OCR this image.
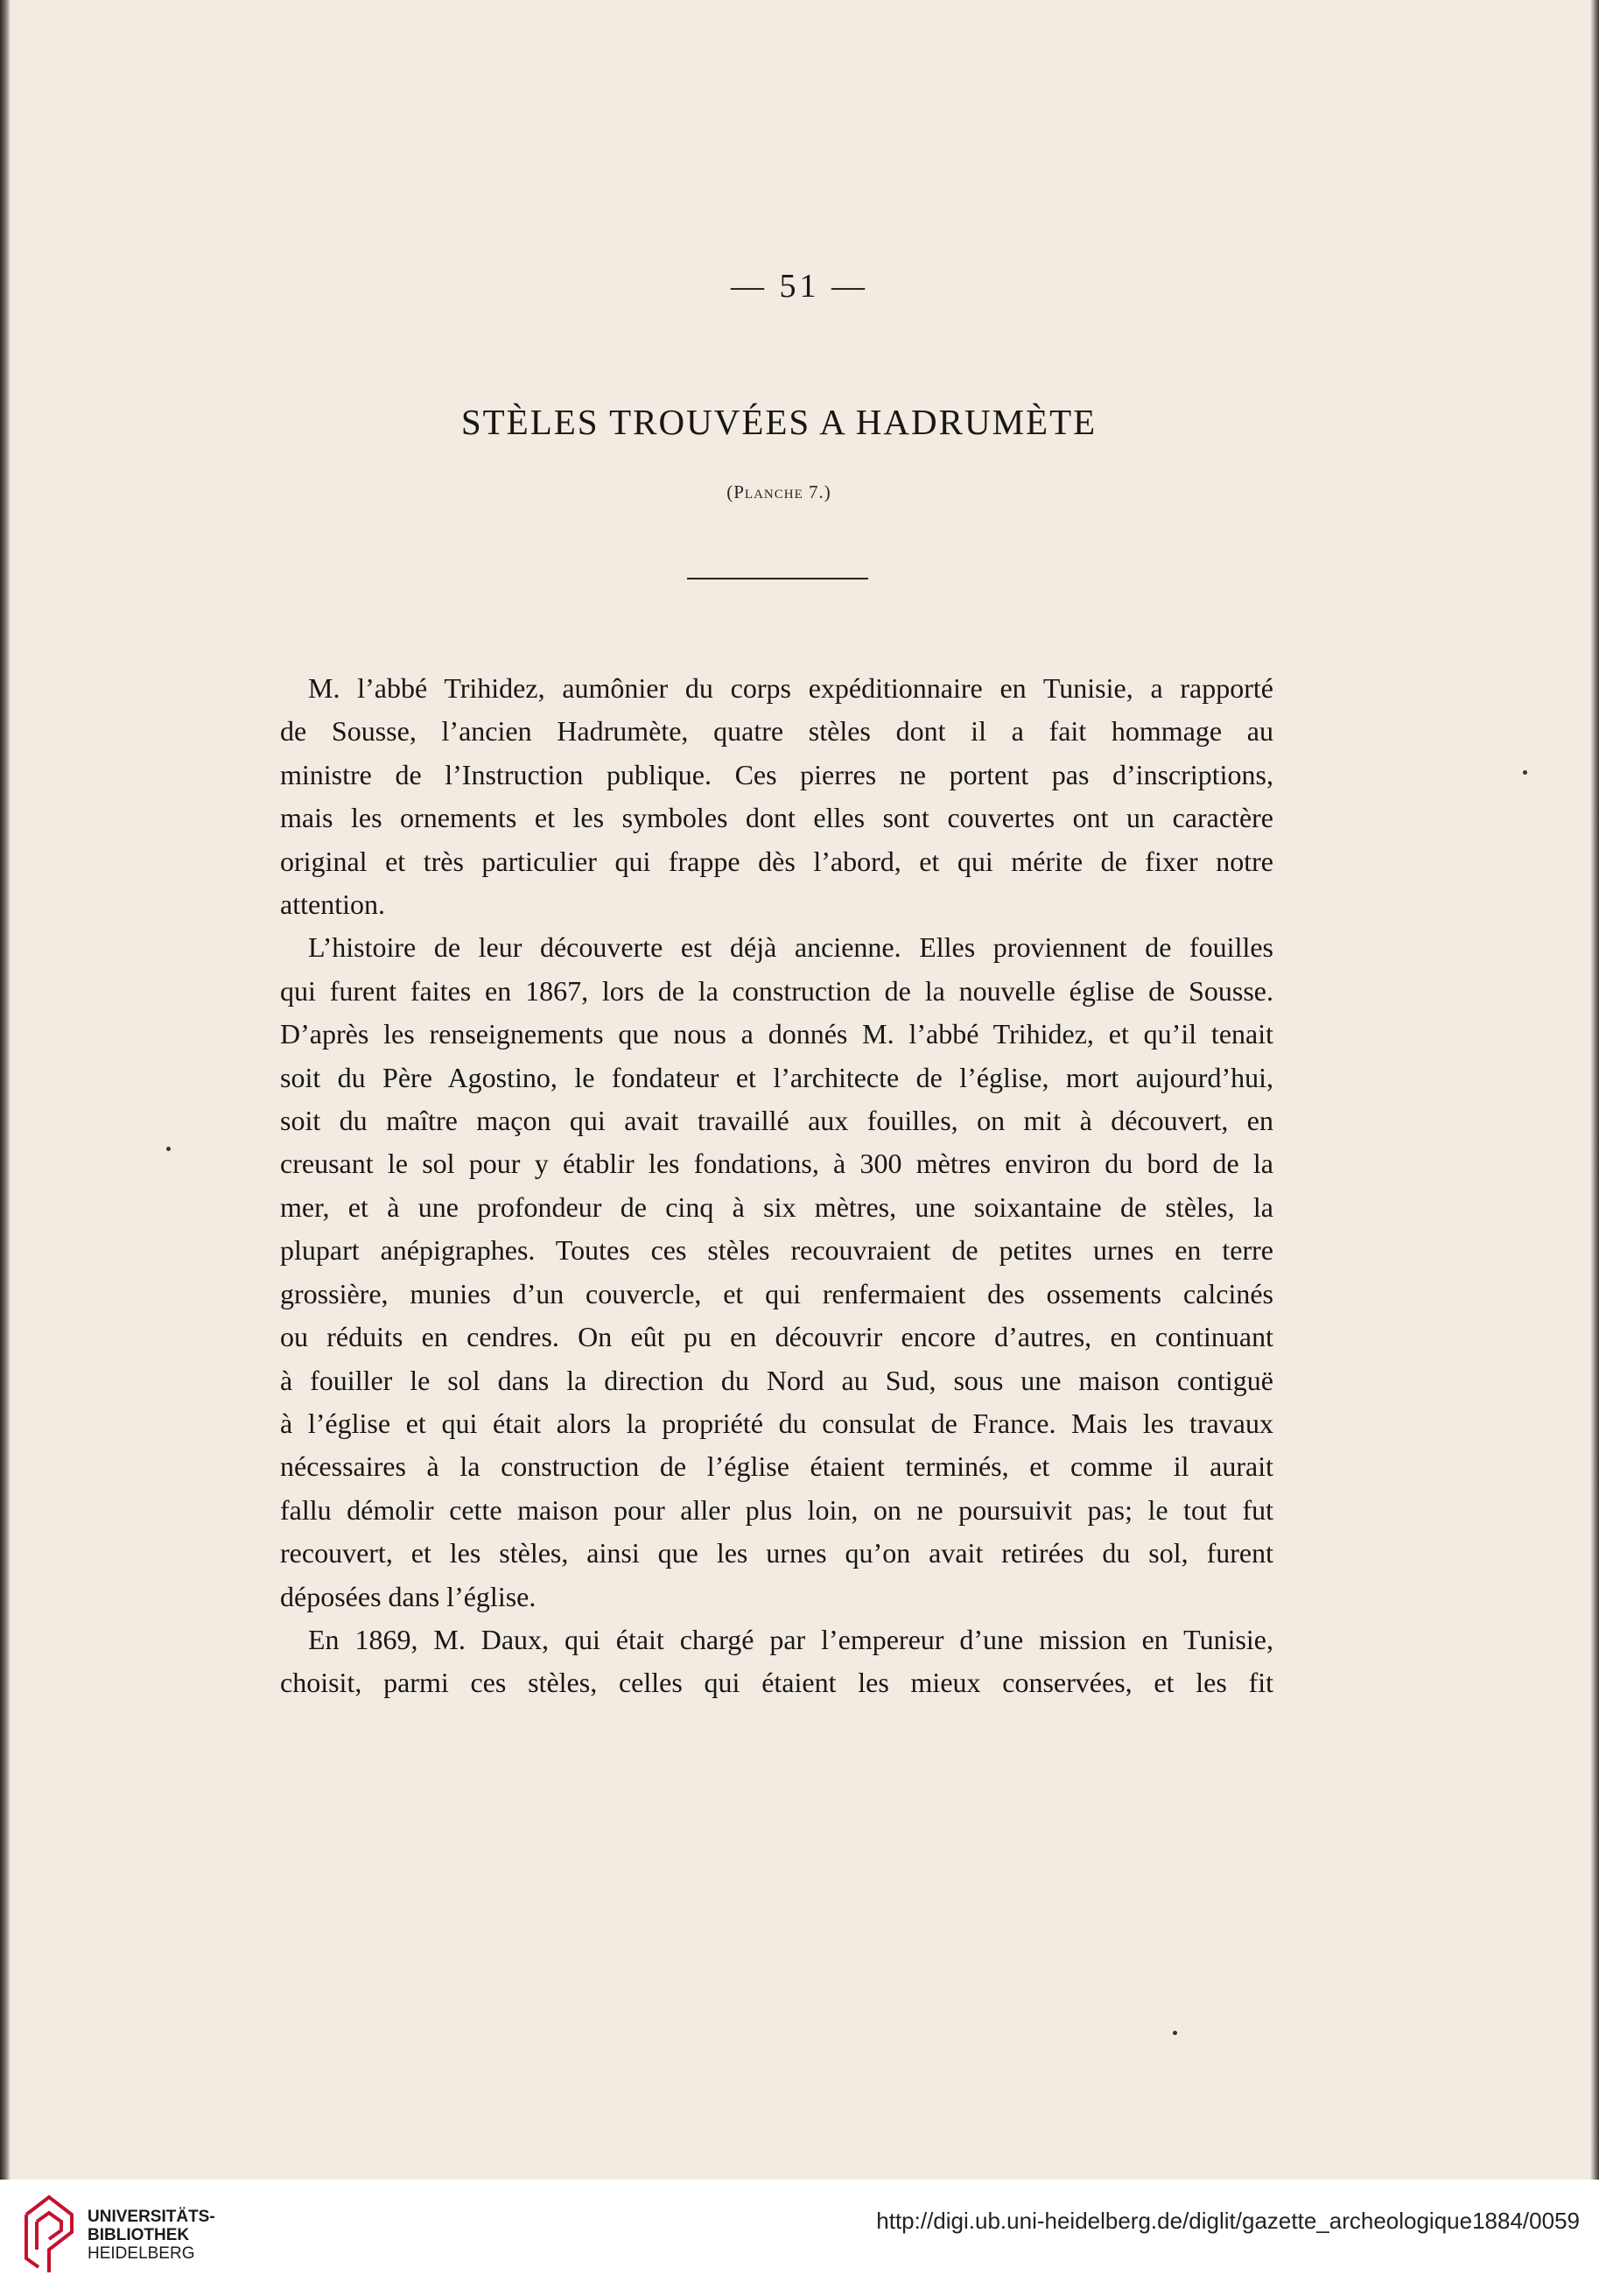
— 51 —
STÈLES TROUVÉES A HADRUMÈTE
(Planche 7.)
M. l’abbé Trihidez, aumônier du corps expéditionnaire en Tunisie, a rapporté
de Sousse, l’ancien Hadrumète, quatre stèles dont il a fait hommage au
ministre de l’Instruction publique. Ces pierres ne portent pas d’inscriptions,
mais les ornements et les symboles dont elles sont couvertes ont un caractère
original et très particulier qui frappe dès l’abord, et qui mérite de fixer notre
attention.
L’histoire de leur découverte est déjà ancienne. Elles proviennent de fouilles
qui furent faites en 1867, lors de la construction de la nouvelle église de Sousse.
D’après les renseignements que nous a donnés M. l’abbé Trihidez, et qu’il tenait
soit du Père Agostino, le fondateur et l’architecte de l’église, mort aujourd’hui,
soit du maître maçon qui avait travaillé aux fouilles, on mit à découvert, en
creusant le sol pour y établir les fondations, à 300 mètres environ du bord de la
mer, et à une profondeur de cinq à six mètres, une soixantaine de stèles, la
plupart anépigraphes. Toutes ces stèles recouvraient de petites urnes en terre
grossière, munies d’un couvercle, et qui renfermaient des ossements calcinés
ou réduits en cendres. On eût pu en découvrir encore d’autres, en continuant
à fouiller le sol dans la direction du Nord au Sud, sous une maison contiguë
à l’église et qui était alors la propriété du consulat de France. Mais les travaux
nécessaires à la construction de l’église étaient terminés, et comme il aurait
fallu démolir cette maison pour aller plus loin, on ne poursuivit pas; le tout fut
recouvert, et les stèles, ainsi que les urnes qu’on avait retirées du sol, furent
déposées dans l’église.
En 1869, M. Daux, qui était chargé par l’empereur d’une mission en Tunisie,
choisit, parmi ces stèles, celles qui étaient les mieux conservées, et les fit
UNIVERSITÄTS-
BIBLIOTHEK
HEIDELBERG
http://digi.ub.uni-heidelberg.de/diglit/gazette_archeologique1884/0059
